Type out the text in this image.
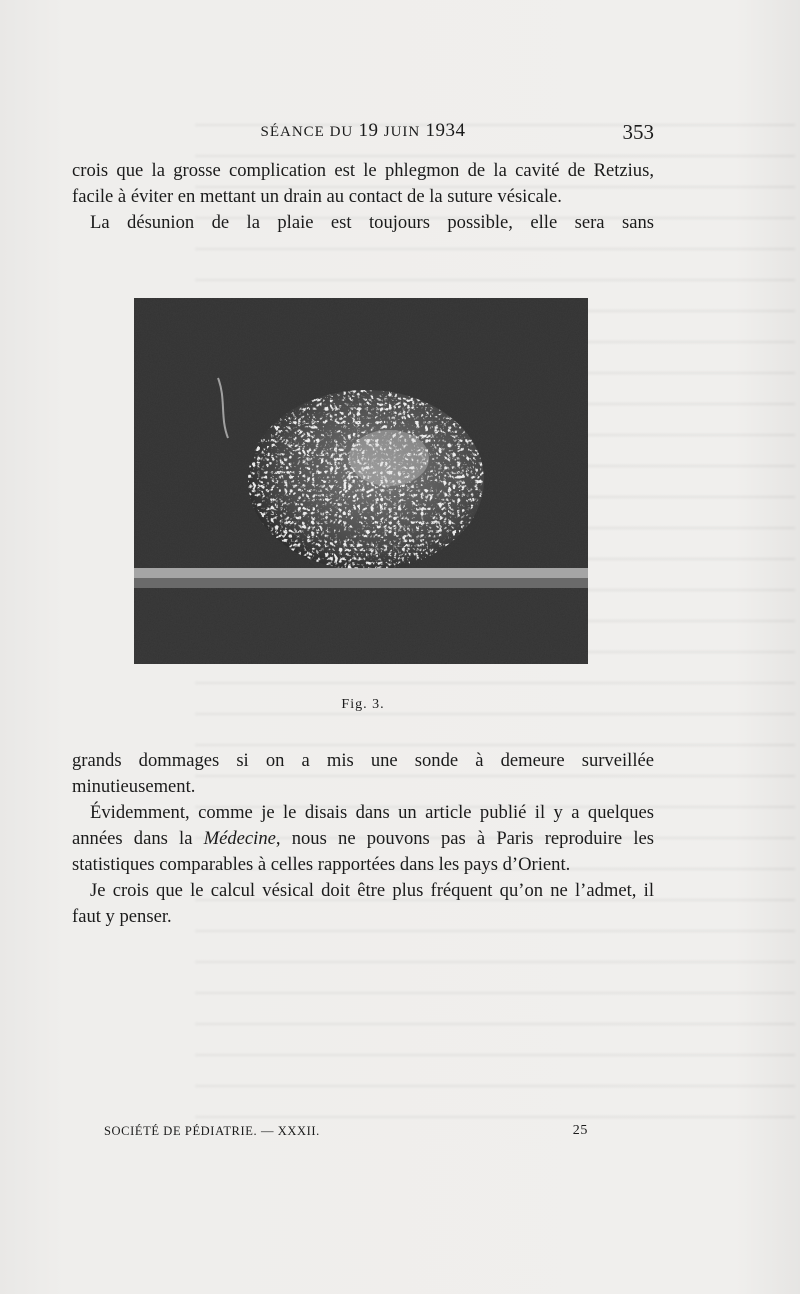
SÉANCE DU 19 JUIN 1934	353

crois que la grosse complication est le phlegmon de la cavité de Retzius, facile à éviter en mettant un drain au contact de la suture vésicale.

La désunion de la plaie est toujours possible, elle sera sans

Fig. 3.

grands dommages si on a mis une sonde à demeure surveillée minutieusement.

Évidemment, comme je le disais dans un article publié il y a quelques années dans la Médecine, nous ne pouvons pas à Paris reproduire les statistiques comparables à celles rapportées dans les pays d’Orient.

Je crois que le calcul vésical doit être plus fréquent qu’on ne l’admet, il faut y penser.

SOCIÉTÉ DE PÉDIATRIE. — XXXII.	25
